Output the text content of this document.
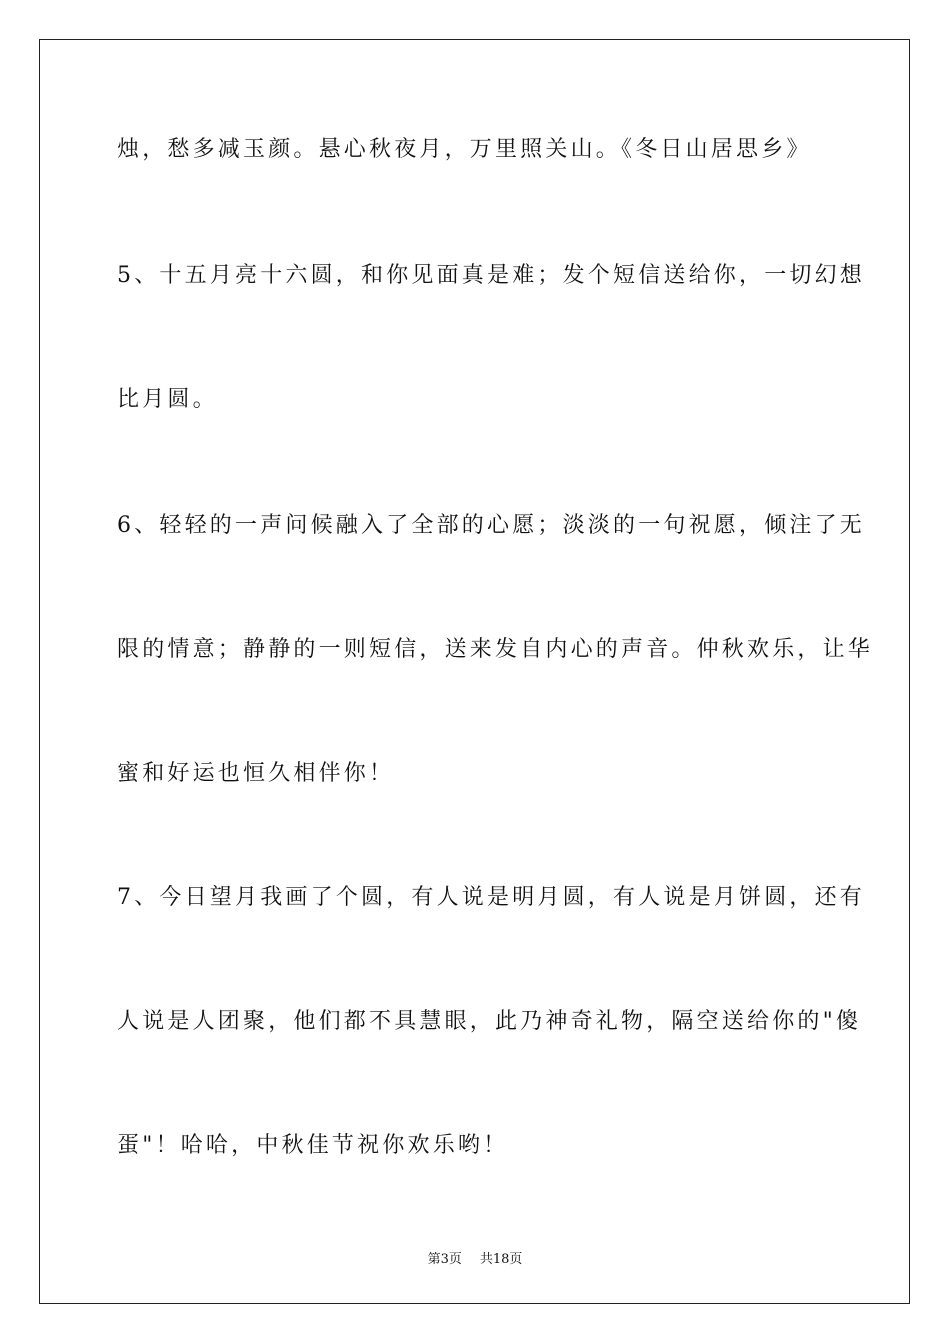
烛，愁多减玉颜。悬心秋夜月，万里照关山。《冬日山居思乡》
5、十五月亮十六圆，和你见面真是难；发个短信送给你，一切幻想
比月圆。
6、轻轻的一声问候融入了全部的心愿；淡淡的一句祝愿，倾注了无
限的情意；静静的一则短信，送来发自内心的声音。仲秋欢乐，让华
蜜和好运也恒久相伴你！
7、今日望月我画了个圆，有人说是明月圆，有人说是月饼圆，还有
人说是人团聚，他们都不具慧眼，此乃神奇礼物，隔空送给你的"傻
蛋"！哈哈，中秋佳节祝你欢乐哟！
第3页 共18页
